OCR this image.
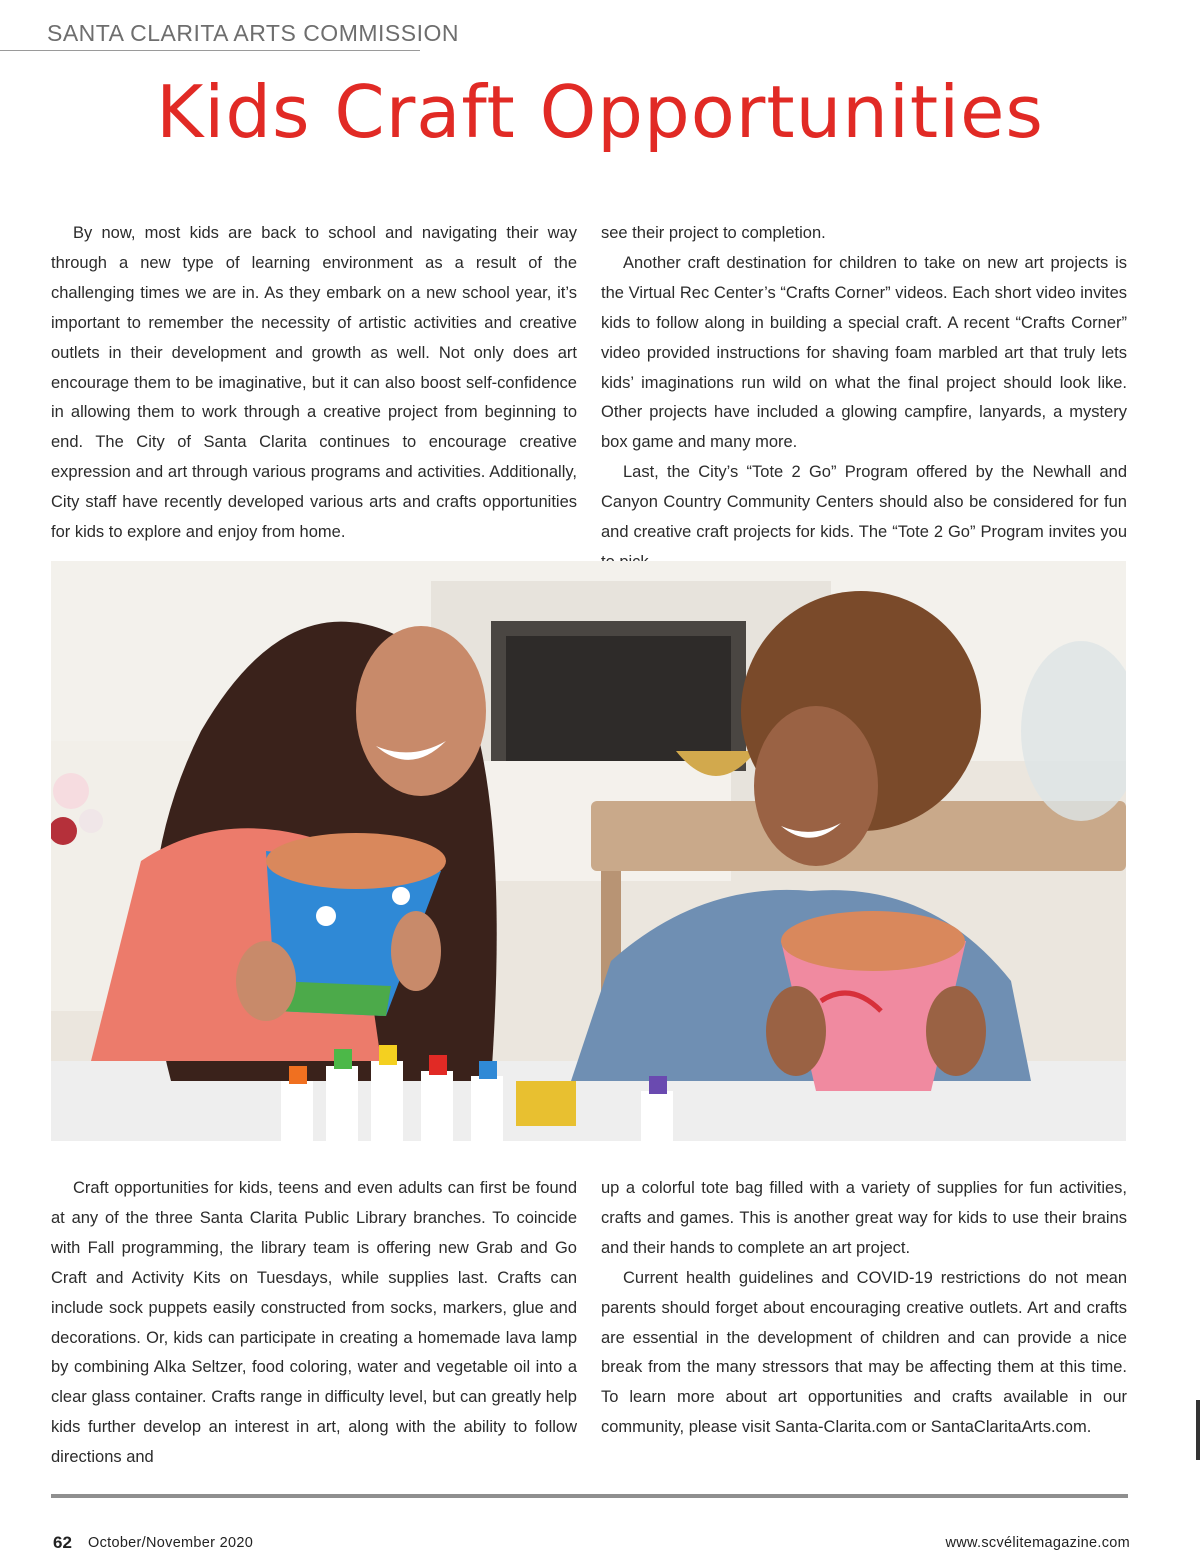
SANTA CLARITA ARTS COMMISSION
Kids Craft Opportunities

By now, most kids are back to school and navigating their way through a new type of learning environment as a result of the challenging times we are in. As they embark on a new school year, it’s important to remember the necessity of artistic activities and creative outlets in their development and growth as well. Not only does art encourage them to be imaginative, but it can also boost self-confidence in allowing them to work through a creative project from beginning to end. The City of Santa Clarita continues to encourage creative expression and art through various programs and activities. Additionally, City staff have recently developed various arts and crafts opportunities for kids to explore and enjoy from home.

see their project to completion.

Another craft destination for children to take on new art projects is the Virtual Rec Center’s “Crafts Corner” videos. Each short video invites kids to follow along in building a special craft. A recent “Crafts Corner” video provided instructions for shaving foam marbled art that truly lets kids’ imaginations run wild on what the final project should look like. Other projects have included a glowing campfire, lanyards, a mystery box game and many more.

Last, the City’s “Tote 2 Go” Program offered by the Newhall and Canyon Country Community Centers should also be considered for fun and creative craft projects for kids. The “Tote 2 Go” Program invites you

Craft opportunities for kids, teens and even adults can first be found at any of the three Santa Clarita Public Library branches. To coincide with Fall programming, the library team is offering new Grab and Go Craft and Activity Kits on Tuesdays, while supplies last. Crafts can include sock puppets easily constructed from socks, markers, glue and decorations. Or, kids can participate in creating a homemade lava lamp by combining Alka Seltzer, food coloring, water and vegetable oil into a clear glass container. Crafts range in difficulty level, but can greatly help kids further develop an interest in art, along with the ability to follow directions and

up a colorful tote bag filled with a variety of supplies for fun activities, crafts and games. This is another great way for kids to use their brains and their hands to complete an art project.

Current health guidelines and COVID-19 restrictions do not mean parents should forget about encouraging creative outlets. Art and crafts are essential in the development of children and can provide a nice break from the many stressors that may be affecting them at this time. To learn more about art opportunities and crafts available in our community, please visit Santa-Clarita.com or SantaClaritaArts.com.

62 October/November 2020	www.scvélitemagazine.com
